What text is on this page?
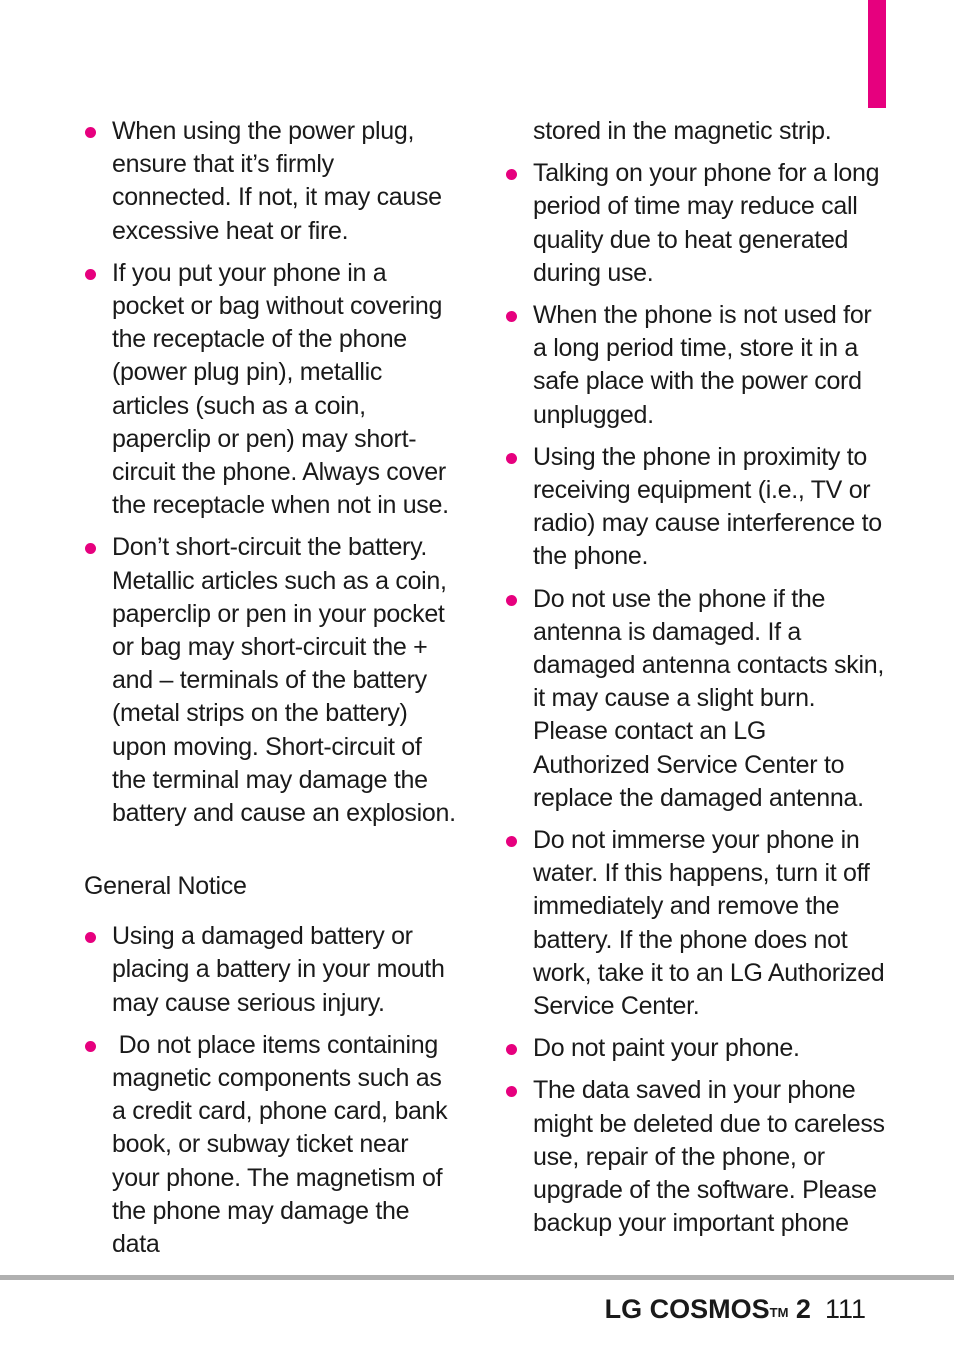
When using the power plug, ensure that it’s firmly connected. If not, it may cause excessive heat or fire.
If you put your phone in a pocket or bag without covering the receptacle of the phone (power plug pin), metallic articles (such as a coin, paperclip or pen) may short-circuit the phone. Always cover the receptacle when not in use.
Don’t short-circuit the battery. Metallic articles such as a coin, paperclip or pen in your pocket or bag may short-circuit the + and – terminals of the battery (metal strips on the battery) upon moving. Short-circuit of the terminal may damage the battery and cause an explosion.
General Notice
Using a damaged battery or placing a battery in your mouth may cause serious injury.
Do not place items containing magnetic components such as a credit card, phone card, bank book, or subway ticket near your phone. The magnetism of the phone may damage the data

stored in the magnetic strip.

Talking on your phone for a long period of time may reduce call quality due to heat generated during use.
When the phone is not used for a long period time, store it in a safe place with the power cord unplugged.
Using the phone in proximity to receiving equipment (i.e., TV or radio) may cause interference to the phone.
Do not use the phone if the antenna is damaged. If a damaged antenna contacts skin, it may cause a slight burn. Please contact an LG Authorized Service Center to replace the damaged antenna.
Do not immerse your phone in water. If this happens, turn it off immediately and remove the battery. If the phone does not work, take it to an LG Authorized Service Center.
Do not paint your phone.
The data saved in your phone might be deleted due to careless use, repair of the phone, or upgrade of the software. Please backup your important phone
LG COSMOS™ 2 111
